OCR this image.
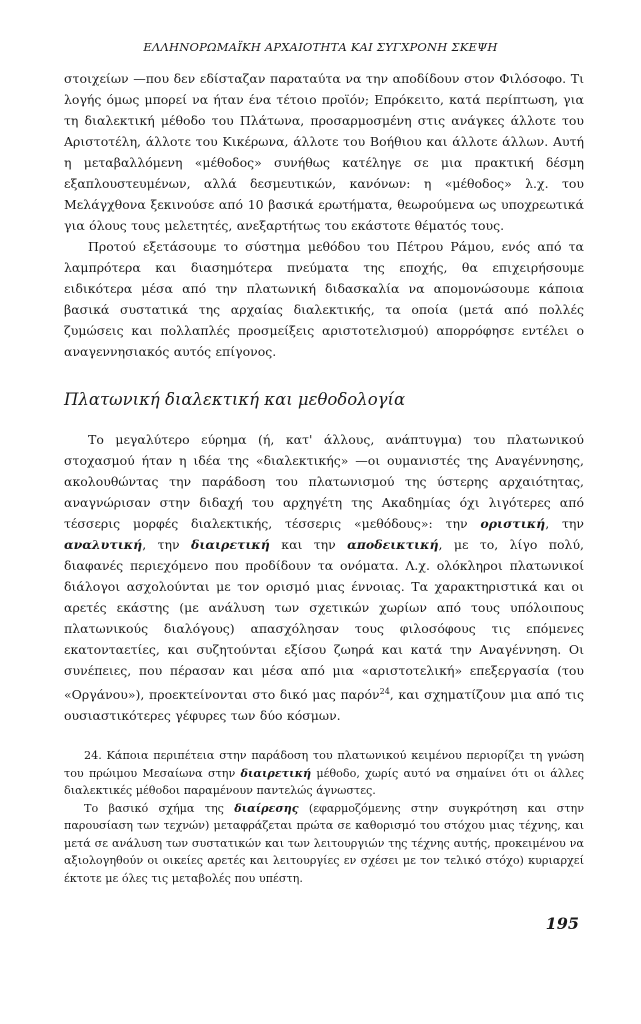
ΕΛΛΗΝΟΡΩΜΑΪΚΗ ΑΡΧΑΙΟΤΗΤΑ ΚΑΙ ΣΥΓΧΡΟΝΗ ΣΚΕΨΗ

στοιχείων —που δεν εδίσταζαν παραταύτα να την αποδίδουν στον Φιλόσοφο. Τι λογής όμως μπορεί να ήταν ένα τέτοιο προϊόν; Επρόκειτο, κατά περίπτωση, για τη διαλεκτική μέθοδο του Πλάτωνα, προσαρμοσμένη στις ανάγκες άλλοτε του Αριστοτέλη, άλλοτε του Κικέρωνα, άλλοτε του Βοήθιου και άλλοτε άλλων. Αυτή η μεταβαλλόμενη «μέθοδος» συνήθως κατέληγε σε μια πρακτική δέσμη εξαπλουστευμένων, αλλά δεσμευτικών, κανόνων: η «μέθοδος» λ.χ. του Μελάγχθονα ξεκινούσε από 10 βασικά ερωτήματα, θεωρούμενα ως υποχρεωτικά για όλους τους μελετητές, ανεξαρτήτως του εκάστοτε θέματός τους.

Προτού εξετάσουμε το σύστημα μεθόδου του Πέτρου Ράμου, ενός από τα λαμπρότερα και διασημότερα πνεύματα της εποχής, θα επιχειρήσουμε ειδικότερα μέσα από την πλατωνική διδασκαλία να απομονώσουμε κάποια βασικά συστατικά της αρχαίας διαλεκτικής, τα οποία (μετά από πολλές ζυμώσεις και πολλαπλές προσμείξεις αριστοτελισμού) απορρόφησε εντέλει ο αναγεννησιακός αυτός επίγονος.

Πλατωνική διαλεκτική και μεθοδολογία

Το μεγαλύτερο εύρημα (ή, κατ' άλλους, ανάπτυγμα) του πλατωνικού στοχασμού ήταν η ιδέα της «διαλεκτικής» —οι ουμανιστές της Αναγέννησης, ακολουθώντας την παράδοση του πλατωνισμού της ύστερης αρχαιότητας, αναγνώρισαν στην διδαχή του αρχηγέτη της Ακαδημίας όχι λιγότερες από τέσσερις μορφές διαλεκτικής, τέσσερις «μεθόδους»: την οριστική, την αναλυτική, την διαιρετική και την αποδεικτική, με το, λίγο πολύ, διαφανές περιεχόμενο που προδίδουν τα ονόματα. Λ.χ. ολόκληροι πλατωνικοί διάλογοι ασχολούνται με τον ορισμό μιας έννοιας. Τα χαρακτηριστικά και οι αρετές εκάστης (με ανάλυση των σχετικών χωρίων από τους υπόλοιπους πλατωνικούς διαλόγους) απασχόλησαν τους φιλοσόφους τις επόμενες εκατονταετίες, και συζητούνται εξίσου ζωηρά και κατά την Αναγέννηση. Οι συνέπειες, που πέρασαν και μέσα από μια «αριστοτελική» επεξεργασία (του «Οργάνου»), προεκτείνονται στο δικό μας παρόν$^{24}$, και σχηματίζουν μια από τις ουσιαστικότερες γέφυρες των δύο κόσμων.

24. Κάποια περιπέτεια στην παράδοση του πλατωνικού κειμένου περιορίζει τη γνώση του πρώιμου Μεσαίωνα στην διαιρετική μέθοδο, χωρίς αυτό να σημαίνει ότι οι άλλες διαλεκτικές μέθοδοι παραμένουν παντελώς άγνωστες.

Το βασικό σχήμα της διαίρεσης (εφαρμοζόμενης στην συγκρότηση και στην παρουσίαση των τεχνών) μεταφράζεται πρώτα σε καθορισμό του στόχου μιας τέχνης, και μετά σε ανάλυση των συστατικών και των λειτουργιών της τέχνης αυτής, προκειμένου να αξιολογηθούν οι οικείες αρετές και λειτουργίες εν σχέσει με τον τελικό στόχο) κυριαρχεί έκτοτε με όλες τις μεταβολές που υπέστη.

195
